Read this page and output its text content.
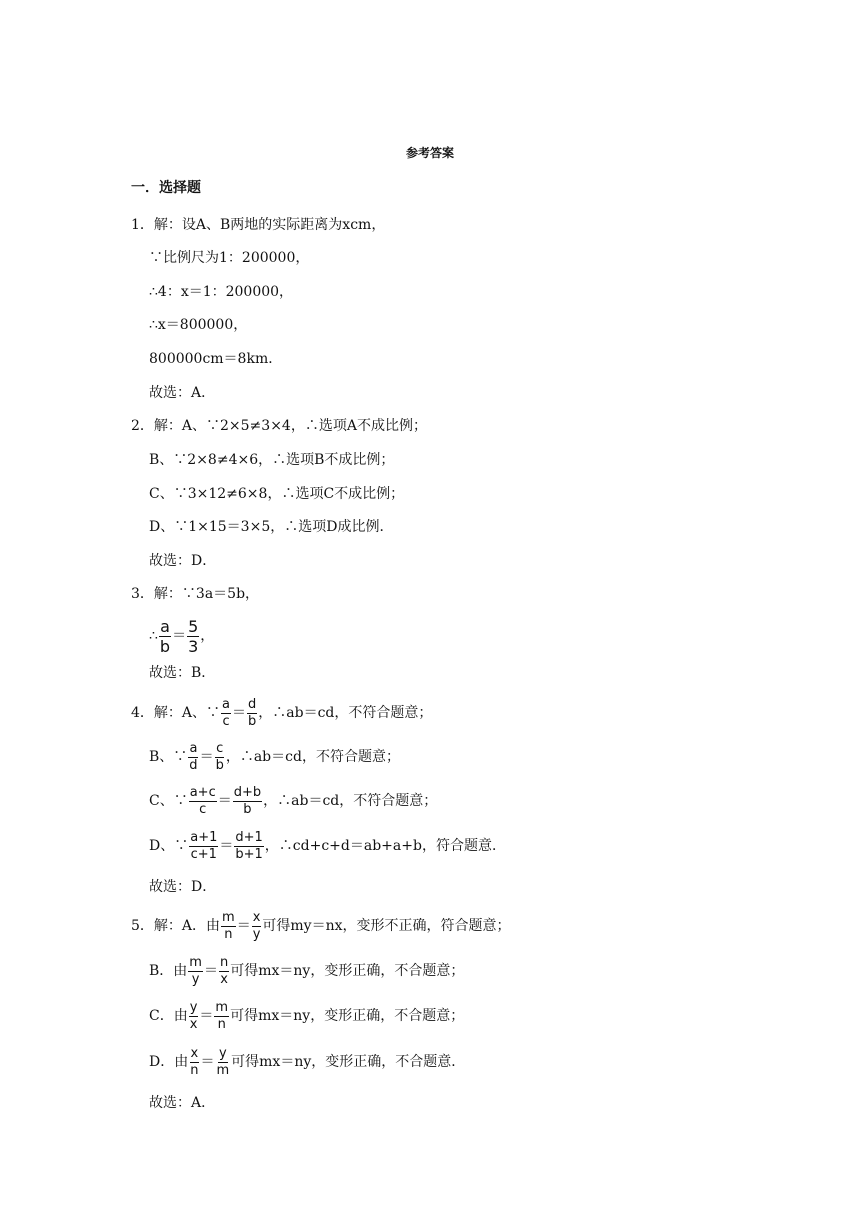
参考答案
一．选择题
1．解：设A、B两地的实际距离为xcm，
∵比例尺为1：200000，
∴4：x＝1：200000，
∴x＝800000，
800000cm＝8km．
故选：A．
2．解：A、∵2×5≠3×4，∴选项A不成比例；
B、∵2×8≠4×6，∴选项B不成比例；
C、∵3×12≠6×8，∴选项C不成比例；
D、∵1×15＝3×5，∴选项D成比例．
故选：D．
3．解：∵3a＝5b，
∴ $\frac{a}{b} = \frac{5}{3}$ ，
故选：B．
4．解：A、∵ $\frac{a}{c} = \frac{d}{b}$ ，∴ab＝cd，不符合题意；
B、∵ $\frac{a}{d} = \frac{c}{b}$ ，∴ab＝cd，不符合题意；
C、∵ $\frac{a+c}{c} = \frac{d+b}{b}$ ，∴ab＝cd，不符合题意；
D、∵ $\frac{a+1}{c+1} = \frac{d+1}{b+1}$ ，∴cd+c+d＝ab+a+b，符合题意．
故选：D．
5．解：A．由 $\frac{m}{n} = \frac{x}{y}$ 可得my＝nx，变形不正确，符合题意；
B．由 $\frac{m}{y} = \frac{n}{x}$ 可得mx＝ny，变形正确，不合题意；
C．由 $\frac{y}{x} = \frac{m}{n}$ 可得mx＝ny，变形正确，不合题意；
D．由 $\frac{x}{n} = \frac{y}{m}$ 可得mx＝ny，变形正确，不合题意．
故选：A．
